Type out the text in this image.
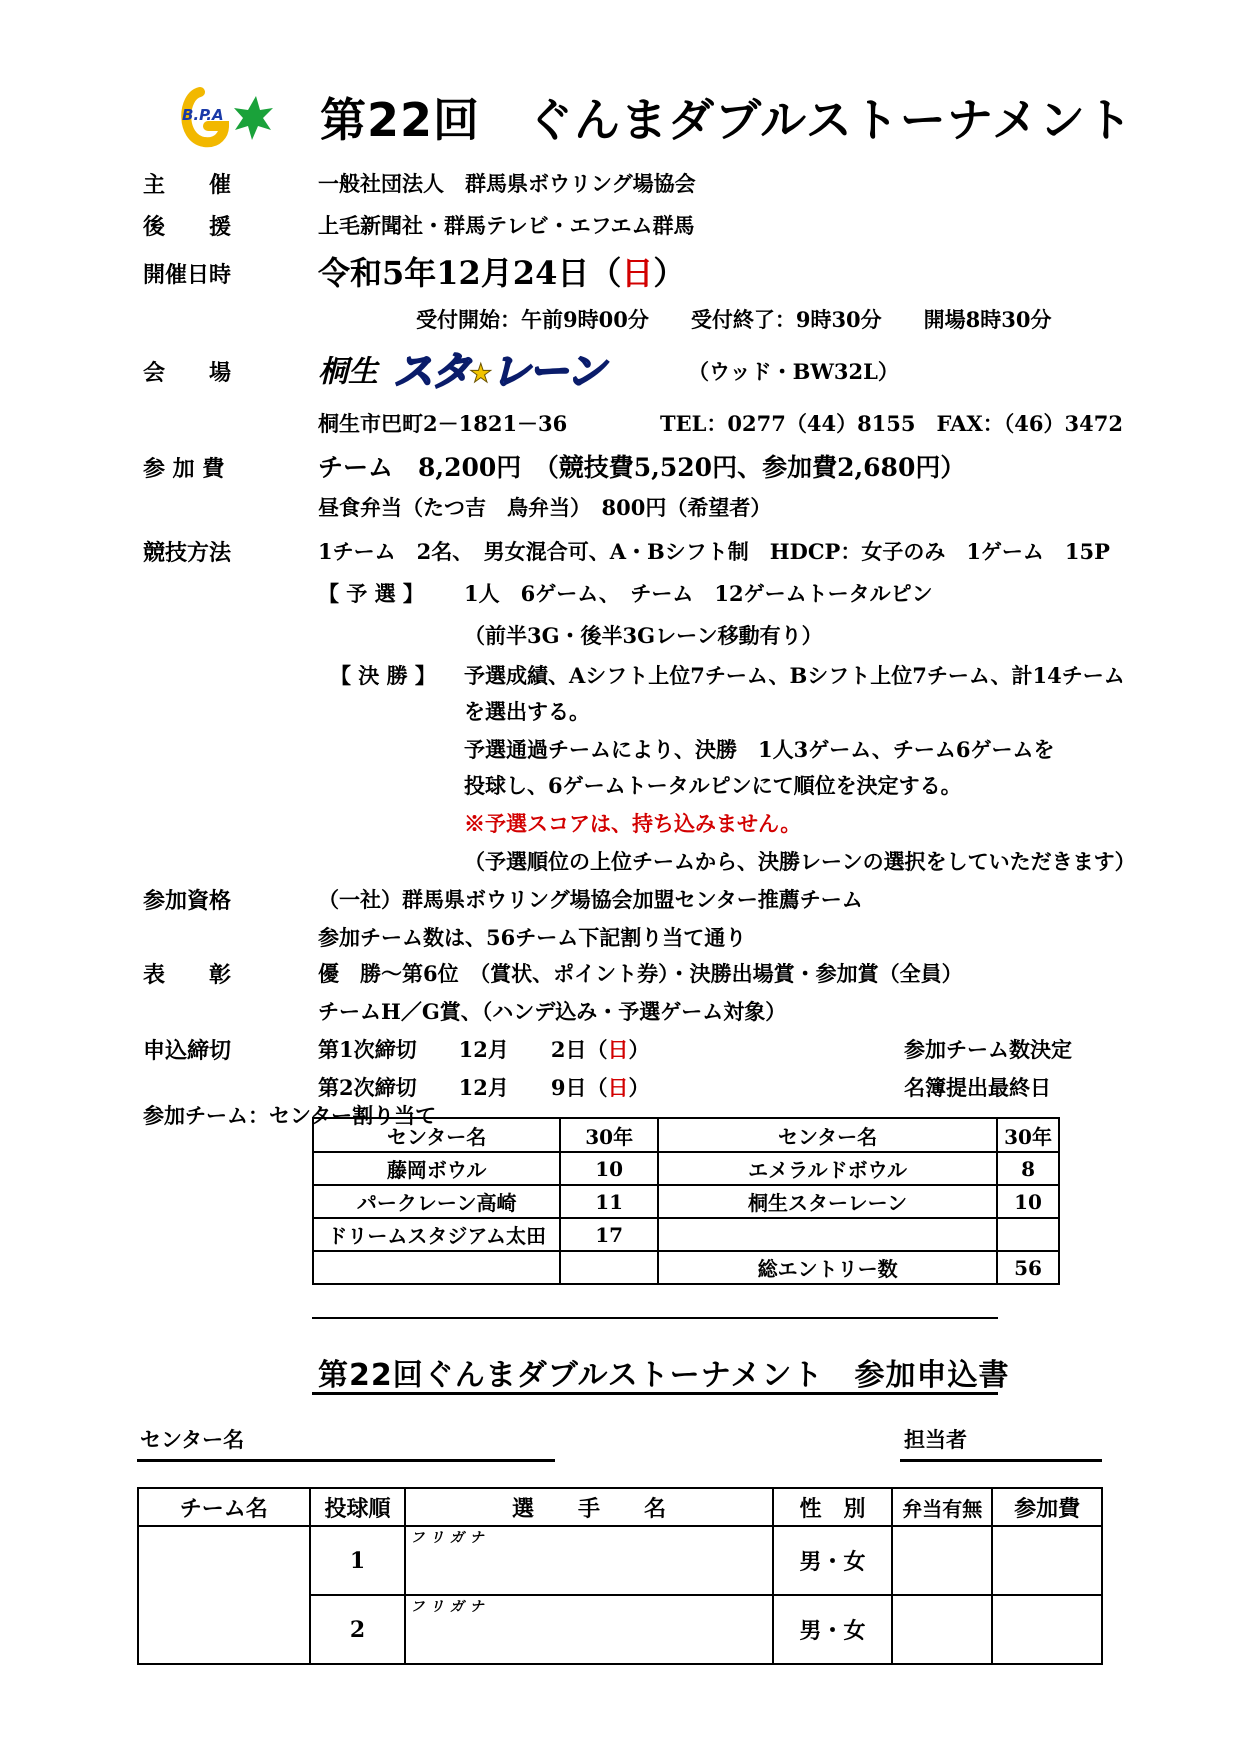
B.P.A 第22回　ぐんまダブルストーナメント
主　　催	一般社団法人　群馬県ボウリング場協会
後　　援	上毛新聞社・群馬テレビ・エフエム群馬
開催日時	令和5年12月24日（日）
受付開始：午前9時00分　　受付終了：9時30分　　開場8時30分
会　　場	桐生 スタ★レーン	（ウッド・BW32L）
桐生市巴町2－1821－36	TEL：0277（44）8155　FAX：（46）3472
参 加 費	チーム　8,200円　（競技費5,520円、参加費2,680円）
昼食弁当（たつ吉　鳥弁当）　800円（希望者）
競技方法	1チーム　2名、　男女混合可、A・Bシフト制　HDCP：女子のみ　1ゲーム　15P
【 予 選 】 1人　6ゲーム、　チーム　12ゲームトータルピン
（前半3G・後半3Gレーン移動有り）
【 決 勝 】 予選成績、Aシフト上位7チーム、Bシフト上位7チーム、計14チーム
を選出する。
予選通過チームにより、決勝　1人3ゲーム、チーム6ゲームを
投球し、6ゲームトータルピンにて順位を決定する。
※予選スコアは、持ち込みません。
（予選順位の上位チームから、決勝レーンの選択をしていただきます）
参加資格	（一社）群馬県ボウリング場協会加盟センター推薦チーム
参加チーム数は、56チーム下記割り当て通り
表　　彰	優　勝～第6位　（賞状、ポイント券）・決勝出場賞・参加賞（全員）
チームH／G賞、（ハンデ込み・予選ゲーム対象）
申込締切	第1次締切　　12月　　2日（日）	参加チーム数決定
第2次締切　　12月　　9日（日）	名簿提出最終日
参加チーム：センター割り当て
センター名	30年	センター名	30年
藤岡ボウル	10	エメラルドボウル	8
パークレーン高崎	11	桐生スターレーン	10
ドリームスタジアム太田	17		
		総エントリー数	56
第22回ぐんまダブルストーナメント　参加申込書
センター名	担当者
チーム名	投球順	選　　手　　名	性　別	弁当有無	参加費
	1	フリガナ	男・女		
	2	フリガナ	男・女		
